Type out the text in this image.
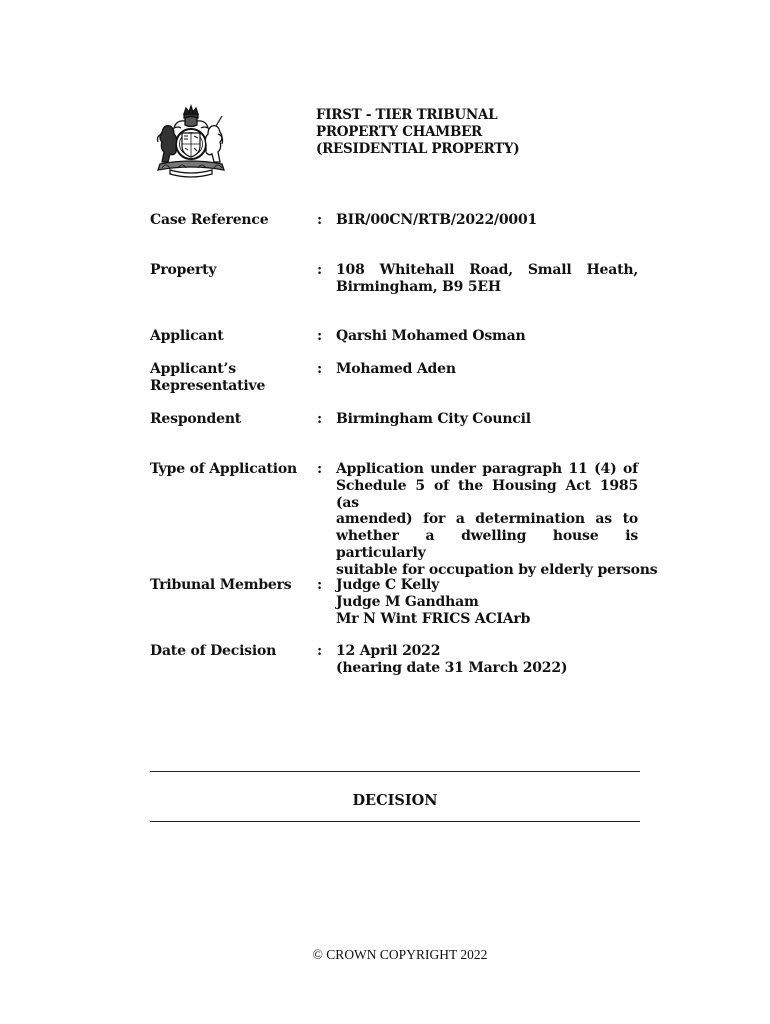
FIRST - TIER TRIBUNAL
PROPERTY CHAMBER
(RESIDENTIAL PROPERTY)
Case Reference	: BIR/00CN/RTB/2022/0001
Property	: 108 Whitehall Road, Small Heath,
Birmingham, B9 5EH
Applicant	: Qarshi Mohamed Osman
Applicant’s
Representative
: Mohamed Aden
Respondent	: Birmingham City Council
Type of Application	: Application under paragraph 11 (4) of
Schedule 5 of the Housing Act 1985 (as
amended) for a determination as to
whether a dwelling house is particularly
suitable for occupation by elderly persons
Tribunal Members	: Judge C Kelly
Judge M Gandham
Mr N Wint FRICS ACIArb
Date of Decision	: 12 April 2022
(hearing date 31 March 2022)
DECISION
© CROWN COPYRIGHT 2022
